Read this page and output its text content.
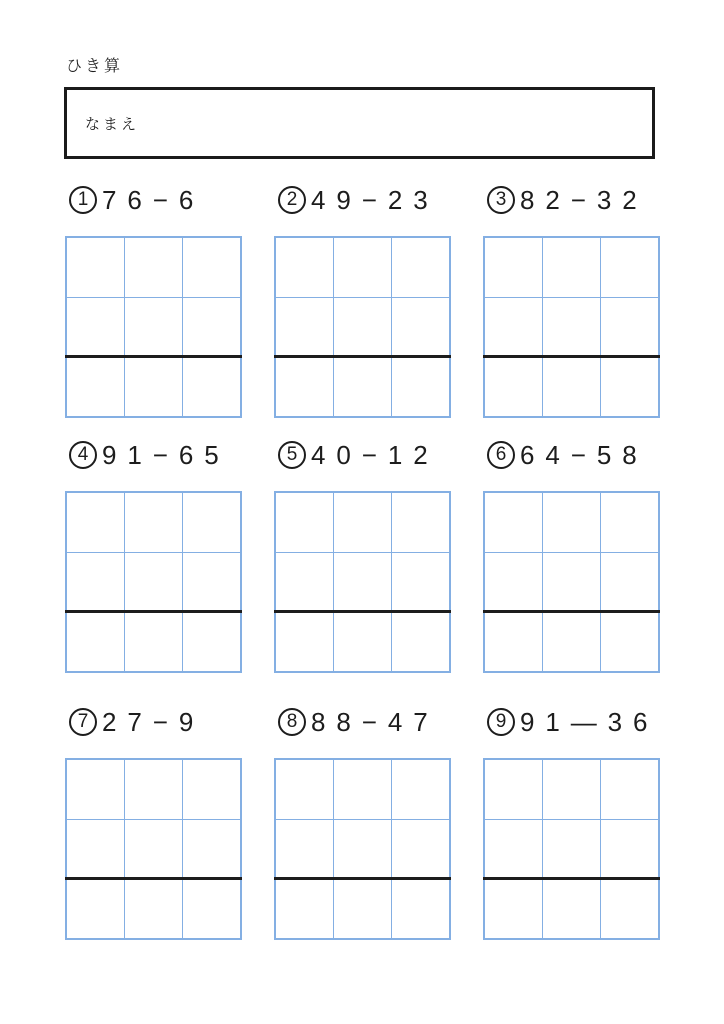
ひき算
なまえ
1 76−6	2 49−23	3 82−32
4 91−65	5 40−12	6 64−58
7 27−9	8 88−47	9 91—36
